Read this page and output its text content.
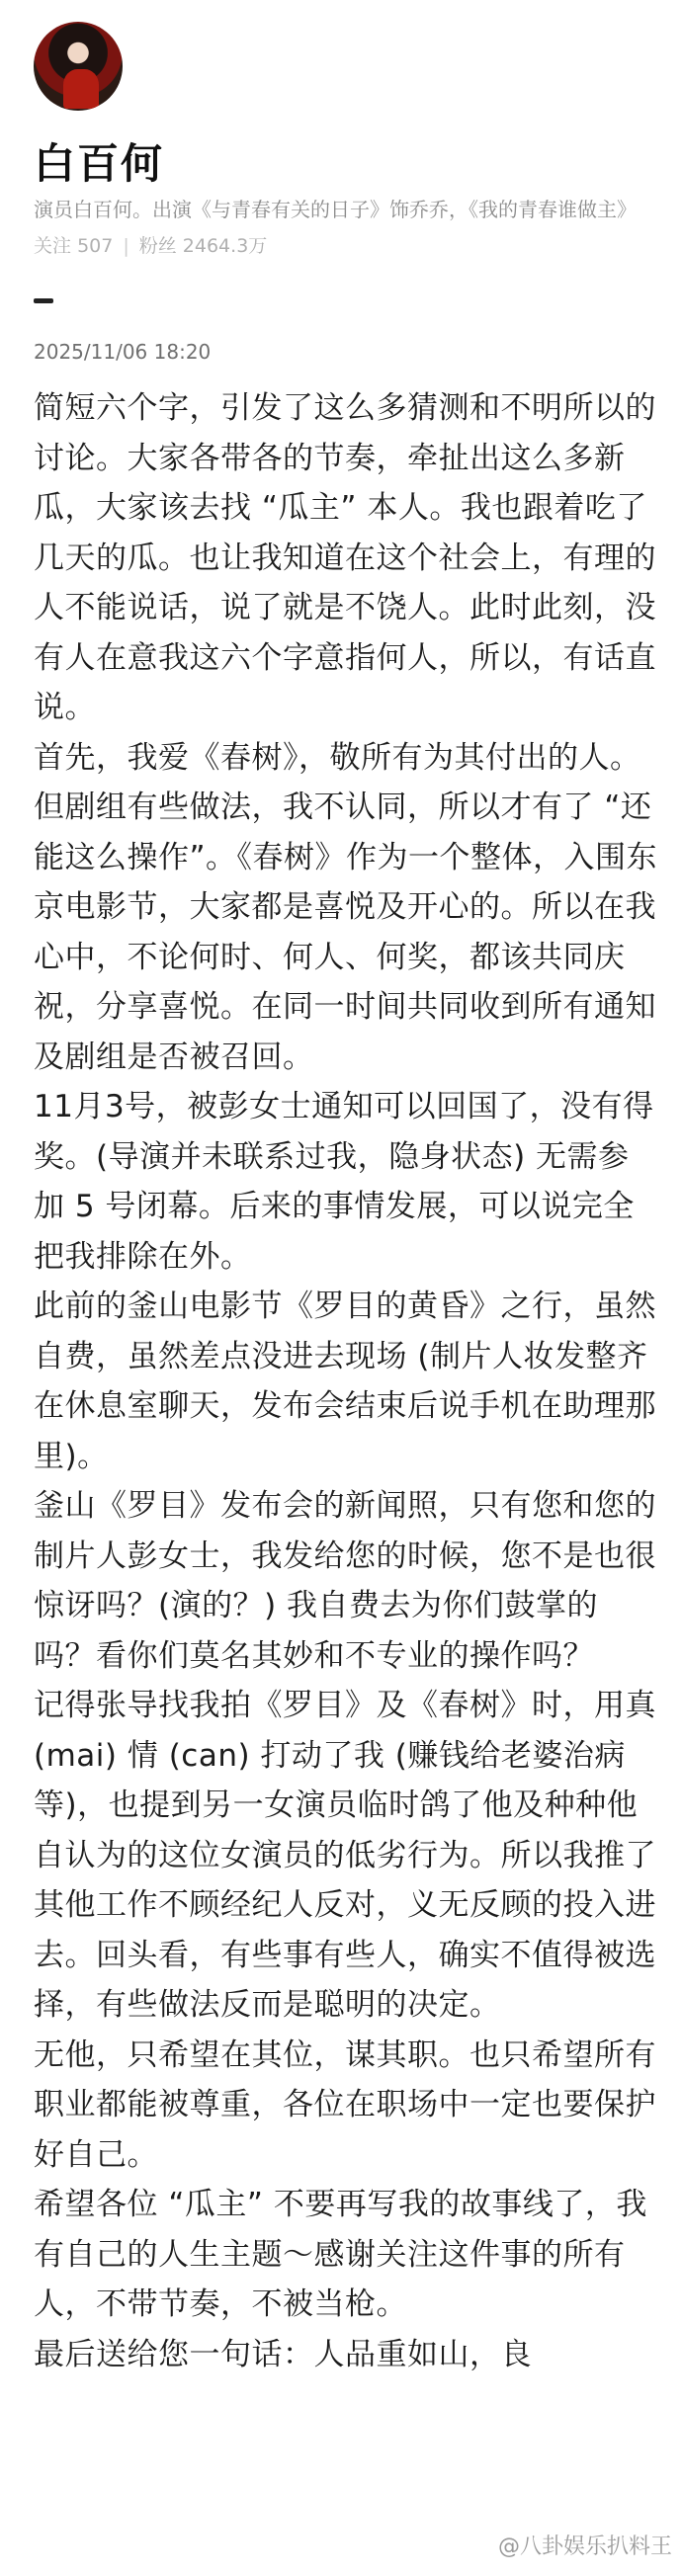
白百何
演员白百何。出演《与青春有关的日子》饰乔乔，《我的青春谁做主》
关注 507 | 粉丝 2464.3万
2025/11/06 18:20

简短六个字，引发了这么多猜测和不明所以的讨论。大家各带各的节奏，牵扯出这么多新瓜，大家该去找 “瓜主” 本人。我也跟着吃了几天的瓜。也让我知道在这个社会上，有理的人不能说话，说了就是不饶人。此时此刻，没有人在意我这六个字意指何人，所以，有话直说。

首先，我爱《春树》，敬所有为其付出的人。

但剧组有些做法，我不认同，所以才有了 “还能这么操作”。《春树》作为一个整体，入围东京电影节，大家都是喜悦及开心的。所以在我心中，不论何时、何人、何奖，都该共同庆祝，分享喜悦。在同一时间共同收到所有通知及剧组是否被召回。

11月3号，被彭女士通知可以回国了，没有得奖。(导演并未联系过我，隐身状态) 无需参加 5 号闭幕。后来的事情发展，可以说完全把我排除在外。

此前的釜山电影节《罗目的黄昏》之行，虽然自费，虽然差点没进去现场 (制片人妆发整齐在休息室聊天，发布会结束后说手机在助理那里)。

釜山《罗目》发布会的新闻照，只有您和您的制片人彭女士，我发给您的时候，您不是也很惊讶吗？(演的？) 我自费去为你们鼓掌的吗？看你们莫名其妙和不专业的操作吗？

记得张导找我拍《罗目》及《春树》时，用真 (mai) 情 (can) 打动了我 (赚钱给老婆治病等)，也提到另一女演员临时鸽了他及种种他自认为的这位女演员的低劣行为。所以我推了其他工作不顾经纪人反对，义无反顾的投入进去。回头看，有些事有些人，确实不值得被选择，有些做法反而是聪明的决定。

无他，只希望在其位，谋其职。也只希望所有职业都能被尊重，各位在职场中一定也要保护好自己。

希望各位 “瓜主” 不要再写我的故事线了，我有自己的人生主题～感谢关注这件事的所有人，不带节奏，不被当枪。

最后送给您一句话：人品重如山，良

@八卦娱乐扒料王
